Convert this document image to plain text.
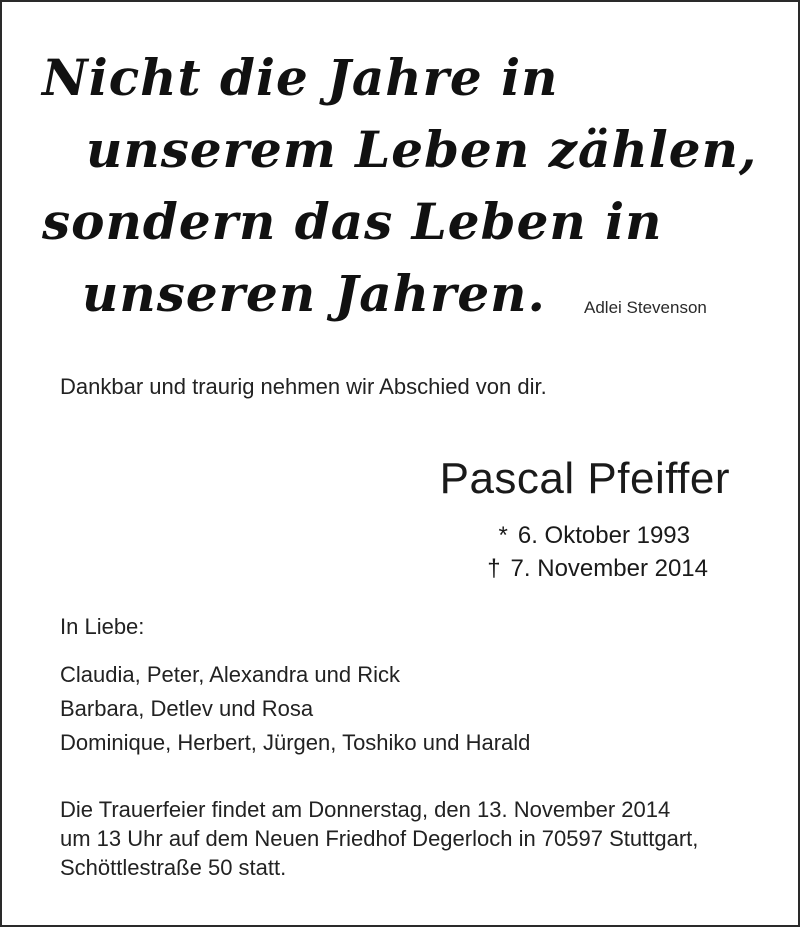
Nicht die Jahre in
unserem Leben zählen,
sondern das Leben in
unseren Jahren.	Adlei Stevenson
Dankbar und traurig nehmen wir Abschied von dir.
Pascal Pfeiffer
* 6. Oktober 1993
† 7. November 2014
In Liebe:
Claudia, Peter, Alexandra und Rick
Barbara, Detlev und Rosa
Dominique, Herbert, Jürgen, Toshiko und Harald
Die Trauerfeier findet am Donnerstag, den 13. November 2014
um 13 Uhr auf dem Neuen Friedhof Degerloch in 70597 Stuttgart,
Schöttlestraße 50 statt.
